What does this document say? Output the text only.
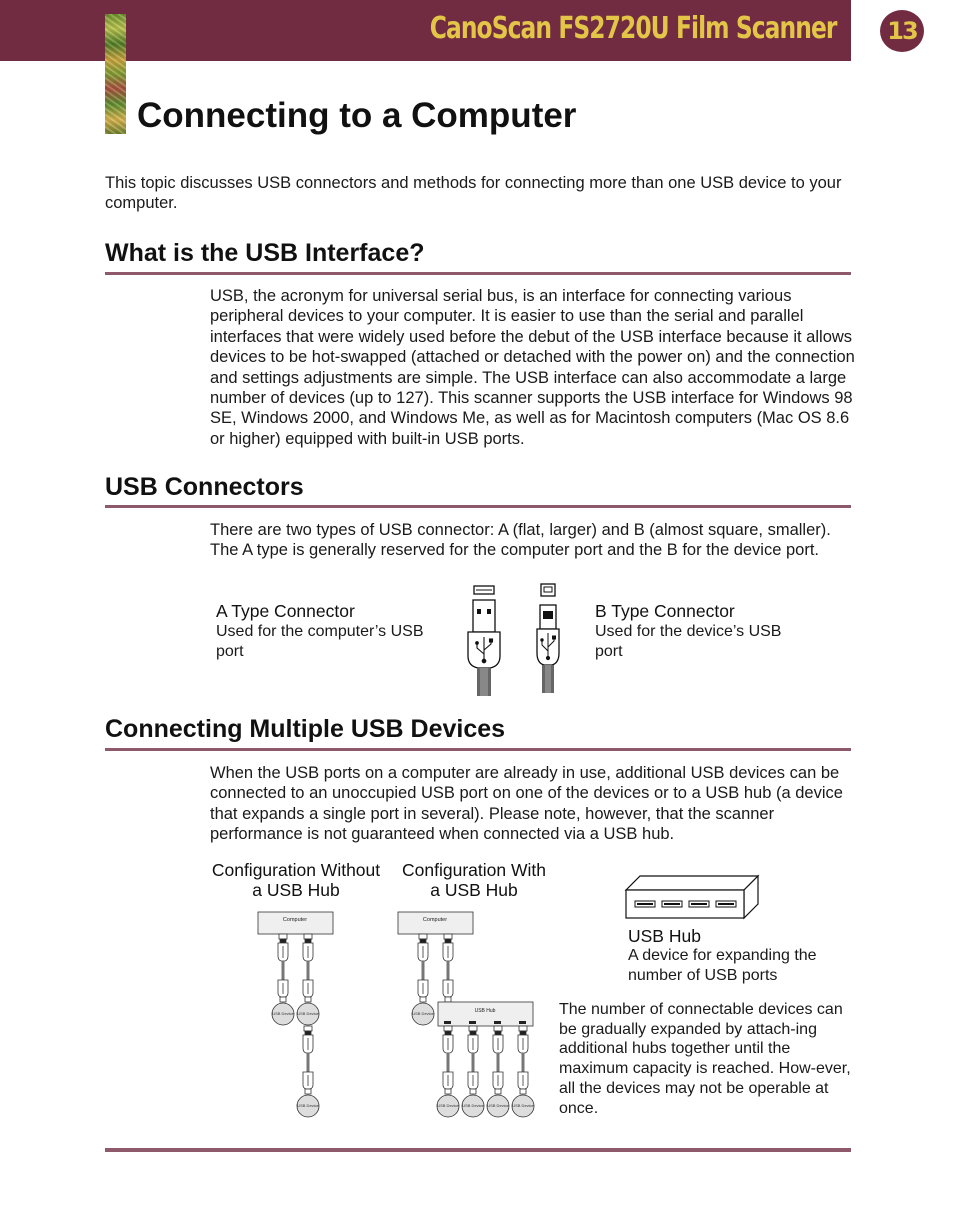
CanoScan FS2720U Film Scanner	13
Connecting to a Computer

This topic discusses USB connectors and methods for connecting more than one USB device to your computer.

What is the USB Interface?

USB, the acronym for universal serial bus, is an interface for connecting various peripheral devices to your computer. It is easier to use than the serial and parallel interfaces that were widely used before the debut of the USB interface because it allows devices to be hot-swapped (attached or detached with the power on) and the connection and settings adjustments are simple. The USB interface can also accommodate a large number of devices (up to 127). This scanner supports the USB interface for Windows 98 SE, Windows 2000, and Windows Me, as well as for Macintosh computers (Mac OS 8.6 or higher) equipped with built-in USB ports.

USB Connectors

There are two types of USB connector: A (flat, larger) and B (almost square, smaller). The A type is generally reserved for the computer port and the B for the device port.

A Type Connector
Used for the computer’s USB port
B Type Connector
Used for the device’s USB port
Connecting Multiple USB Devices

When the USB ports on a computer are already in use, additional USB devices can be connected to an unoccupied USB port on one of the devices or to a USB hub (a device that expands a single port in several). Please note, however, that the scanner performance is not guaranteed when connected via a USB hub.

Configuration Without a USB Hub
Configuration With a USB Hub
Computer
USB Device USB Device
USB Device
Computer
USB Device	USB Hub
USB Device USB Device USB Device USB Device
USB Hub
A device for expanding the number of USB ports

The number of connectable devices can be gradually expanded by attach-ing additional hubs together until the maximum capacity is reached. How-ever, all the devices may not be operable at once.
